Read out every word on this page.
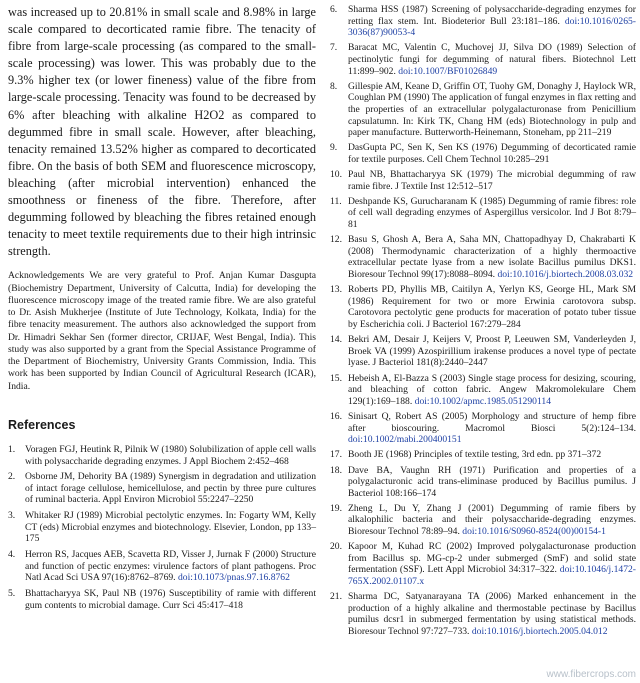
was increased up to 20.81% in small scale and 8.98% in large scale compared to decorticated ramie fibre. The tenacity of fibre from large-scale processing (as compared to the small-scale processing) was lower. This was probably due to the 9.3% higher tex (or lower fineness) value of the fibre from large-scale processing. Tenacity was found to be decreased by 6% after bleaching with alkaline H2O2 as compared to degummed fibre in small scale. However, after bleaching, tenacity remained 13.52% higher as compared to decorticated fibre. On the basis of both SEM and fluorescence microscopy, bleaching (after microbial intervention) enhanced the smoothness or fineness of the fibre. Therefore, after degumming followed by bleaching the fibres retained enough tenacity to meet textile requirements due to their high intrinsic strength.

Acknowledgements We are very grateful to Prof. Anjan Kumar Dasgupta (Biochemistry Department, University of Calcutta, India) for developing the fluorescence microscopy image of the treated ramie fibre. We are also grateful to Dr. Asish Mukherjee (Institute of Jute Technology, Kolkata, India) for the fibre tenacity measurement. The authors also acknowledged the support from Dr. Himadri Sekhar Sen (former director, CRIJAF, West Bengal, India). This study was also supported by a grant from the Special Assistance Programme of the Department of Biochemistry, University Grants Commission, India. This work has been supported by Indian Council of Agricultural Research (ICAR), India.

References
1. Voragen FGJ, Heutink R, Pilnik W (1980) Solubilization of apple cell walls with polysaccharide degrading enzymes. J Appl Biochem 2:452–468
2. Osborne JM, Dehority BA (1989) Synergism in degradation and utilization of intact forage cellulose, hemicellulose, and pectin by three pure cultures of ruminal bacteria. Appl Environ Microbiol 55:2247–2250
3. Whitaker RJ (1989) Microbial pectolytic enzymes. In: Fogarty WM, Kelly CT (eds) Microbial enzymes and biotechnology. Elsevier, London, pp 133–175
4. Herron RS, Jacques AEB, Scavetta RD, Visser J, Jurnak F (2000) Structure and function of pectic enzymes: virulence factors of plant pathogens. Proc Natl Acad Sci USA 97(16):8762–8769. doi:10.1073/pnas.97.16.8762
5. Bhattacharyya SK, Paul NB (1976) Susceptibility of ramie with different gum contents to microbial damage. Curr Sci 45:417–418
6. Sharma HSS (1987) Screening of polysaccharide-degrading enzymes for retting flax stem. Int. Biodeterior Bull 23:181–186. doi:10.1016/0265-3036(87)90053-4
7. Baracat MC, Valentin C, Muchovej JJ, Silva DO (1989) Selection of pectinolytic fungi for degumming of natural fibers. Biotechnol Lett 11:899–902. doi:10.1007/BF01026849
8. Gillespie AM, Keane D, Griffin OT, Tuohy GM, Donaghy J, Haylock WR, Coughlan PM (1990) The application of fungal enzymes in flax retting and the properties of an extracellular polygalacturonase from Penicillium capsulatumn. In: Kirk TK, Chang HM (eds) Biotechnology in pulp and paper manufacture. Butterworth-Heinemann, Stoneham, pp 211–219
9. DasGupta PC, Sen K, Sen KS (1976) Degumming of decorticated ramie for textile purposes. Cell Chem Technol 10:285–291
10. Paul NB, Bhattacharyya SK (1979) The microbial degumming of raw ramie fibre. J Textile Inst 12:512–517
11. Deshpande KS, Gurucharanam K (1985) Degumming of ramie fibres: role of cell wall degrading enzymes of Aspergillus versicolor. Ind J Bot 8:79–81
12. Basu S, Ghosh A, Bera A, Saha MN, Chattopadhyay D, Chakrabarti K (2008) Thermodynamic characterization of a highly thermoactive extracellular pectate lyase from a new isolate Bacillus pumilus DKS1. Bioresour Technol 99(17):8088–8094. doi:10.1016/j.biortech.2008.03.032
13. Roberts PD, Phyllis MB, Caitilyn A, Yerlyn KS, George HL, Mark SM (1986) Requirement for two or more Erwinia carotovora subsp. Carotovora pectolytic gene products for maceration of potato tuber tissue by Escherichia coli. J Bacteriol 167:279–284
14. Bekri AM, Desair J, Keijers V, Proost P, Leeuwen SM, Vanderleyden J, Broek VA (1999) Azospirillium irakense produces a novel type of pectate lyase. J Bacteriol 181(8):2440–2447
15. Hebeish A, El-Bazza S (2003) Single stage process for desizing, scouring, and bleaching of cotton fabric. Angew Makromolekulare Chem 129(1):169–188. doi:10.1002/apmc.1985.051290114
16. Sinisart Q, Robert AS (2005) Morphology and structure of hemp fibre after bioscouring. Macromol Biosci 5(2):124–134. doi:10.1002/mabi.200400151
17. Booth JE (1968) Principles of textile testing, 3rd edn. pp 371–372
18. Dave BA, Vaughn RH (1971) Purification and properties of a polygalacturonic acid trans-eliminase produced by Bacillus pumilus. J Bacteriol 108:166–174
19. Zheng L, Du Y, Zhang J (2001) Degumming of ramie fibers by alkalophilic bacteria and their polysaccharide-degrading enzymes. Bioresour Technol 78:89–94. doi:10.1016/S0960-8524(00)00154-1
20. Kapoor M, Kuhad RC (2002) Improved polygalacturonase production from Bacillus sp. MG-cp-2 under submerged (SmF) and solid state fermentation (SSF). Lett Appl Microbiol 34:317–322. doi:10.1046/j.1472-765X.2002.01107.x
21. Sharma DC, Satyanarayana TA (2006) Marked enhancement in the production of a highly alkaline and thermostable pectinase by Bacillus pumilus dcsr1 in submerged fermentation by using statistical methods. Bioresour Technol 97:727–733. doi:10.1016/j.biortech.2005.04.012
www.fibercrops.com
